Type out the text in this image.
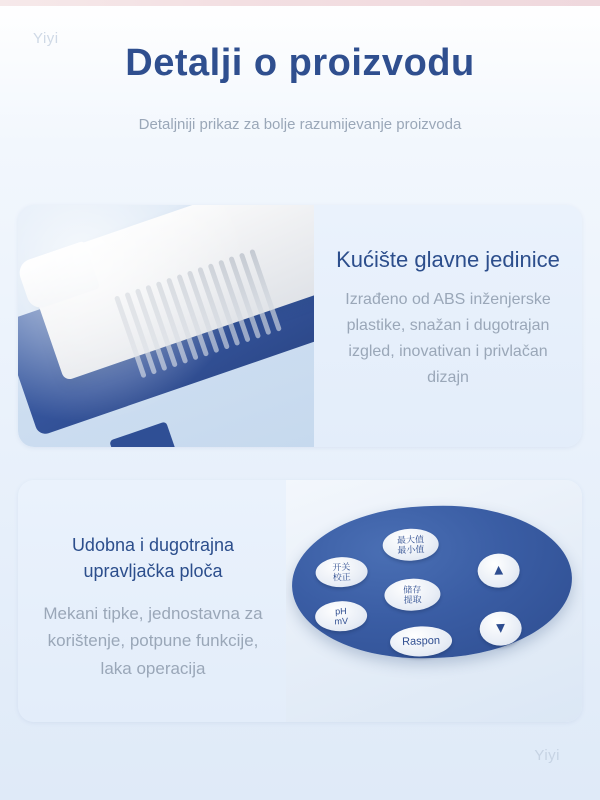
Yiyi
Detalji o proizvodu
Detaljniji prikaz za bolje razumijevanje proizvoda
Kućište glavne jedinice
Izrađeno od ABS inženjerske plastike, snažan i dugotrajan izgled, inovativan i privlačan dizajn
Udobna i dugotrajna upravljačka ploča
Mekani tipke, jednostavna za korištenje, potpune funkcije, laka operacija
开关
校正
pH
mV
最大值
最小值
储存
提取
Raspon
▲
▼
Yiyi
